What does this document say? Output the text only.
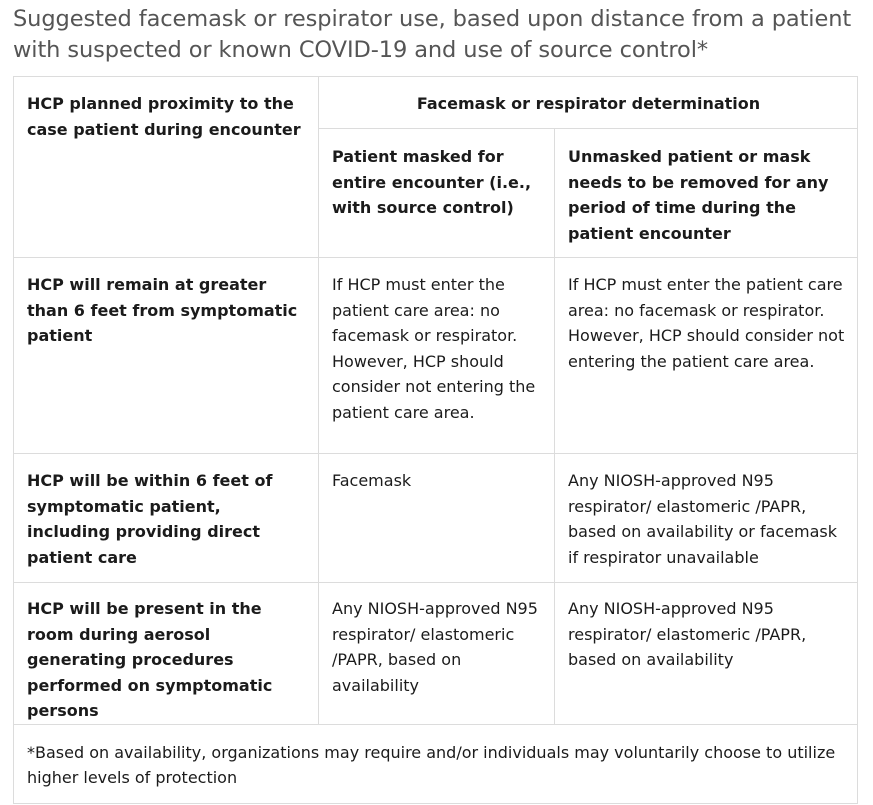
Suggested facemask or respirator use, based upon distance from a patient with suspected or known COVID-19 and use of source control*
HCP planned proximity to the case patient during encounter	Facemask or respirator determination	
	Patient masked for entire encounter (i.e., with source control)	Unmasked patient or mask needs to be removed for any period of time during the patient encounter
HCP will remain at greater than 6 feet from symptomatic patient	If HCP must enter the patient care area: no facemask or respirator. However, HCP should consider not entering the patient care area.	If HCP must enter the patient care area: no facemask or respirator. However, HCP should consider not entering the patient care area.
HCP will be within 6 feet of symptomatic patient, including providing direct patient care	Facemask	Any NIOSH-approved N95 respirator/ elastomeric /PAPR, based on availability or facemask if respirator unavailable
HCP will be present in the room during aerosol generating procedures performed on symptomatic persons	Any NIOSH-approved N95 respirator/ elastomeric /PAPR, based on availability	Any NIOSH-approved N95 respirator/ elastomeric /PAPR, based on availability
*Based on availability, organizations may require and/or individuals may voluntarily choose to utilize higher levels of protection		
